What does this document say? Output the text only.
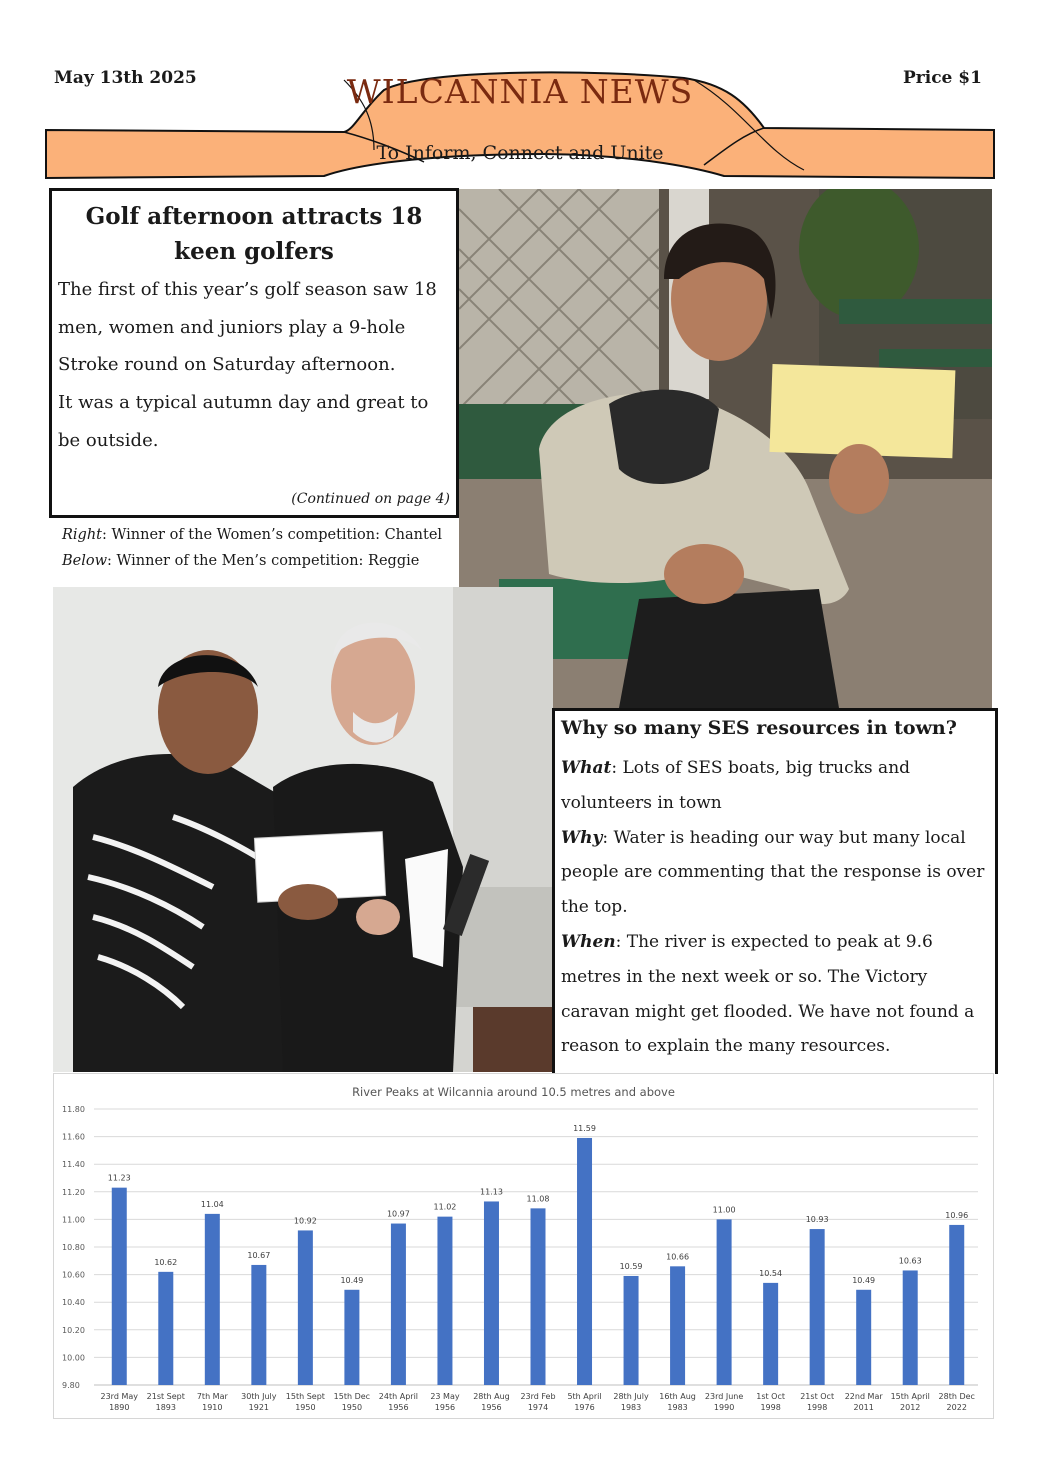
May 13th 2025	Price $1
WILCANNIA NEWS
To Inform, Connect and Unite
Golf afternoon attracts 18 keen golfers
The first of this year’s golf season saw 18 men, women and juniors play a 9-hole Stroke round on Saturday afternoon.
It was a typical autumn day and great to be outside.
(Continued on page 4)
Right: Winner of the Women’s competition: Chantel
Below: Winner of the Men’s competition: Reggie
Why so many SES resources in town?
What: Lots of SES boats, big trucks and volunteers in town
Why: Water is heading our way but many local people are commenting that the response is over the top.
When: The river is expected to peak at 9.6 metres in the next week or so. The Victory caravan might get flooded. We have not found a reason to explain the many resources.
River Peaks at Wilcannia around 10.5 metres and above
9.80
10.00
10.20
10.40
10.60
10.80
11.00
11.20
11.40
11.60
11.80
11.23
23rd May
1890
10.62
21st Sept
1893
11.04
7th Mar
1910
10.67
30th July
1921
10.92
15th Sept
1950
10.49
15th Dec
1950
10.97
24th April
1956
11.02
23 May
1956
11.13
28th Aug
1956
11.08
23rd Feb
1974
11.59
5th April
1976
10.59
28th July
1983
10.66
16th Aug
1983
11.00
23rd June
1990
10.54
1st Oct
1998
10.93
21st Oct
1998
10.49
22nd Mar
2011
10.63
15th April
2012
10.96
28th Dec
2022
